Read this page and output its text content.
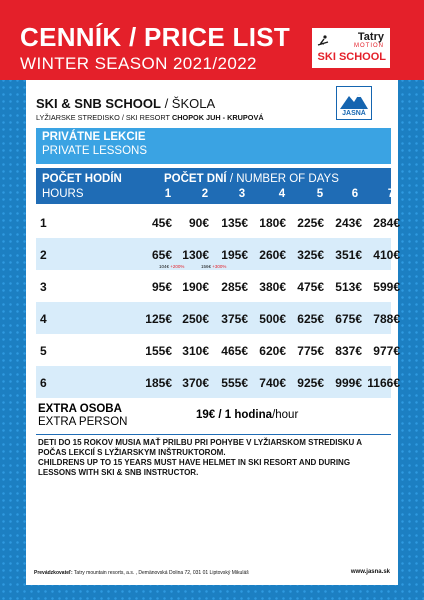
CENNÍK / PRICE LIST
WINTER SEASON 2021/2022
Tatry
MOTION
SKI SCHOOL
JASNÁ
SKI & SNB SCHOOL / ŠKOLA
LYŽIARSKE STREDISKO / SKI RESORT CHOPOK JUH - KRUPOVÁ
PRIVÁTNE LEKCIE
PRIVATE LESSONS
POČET HODÍN
HOURS
POČET DNÍ / NUMBER OF DAYS
1	2	3	4	5	6	7
1	45€	90€	135€ 180€ 225€ 243€ 284€
2	65€ 130€	195€ 260€ 325€ 351€ 410€
104€ +200%	156€ +300%
3	95€ 190€	285€ 380€ 475€ 513€ 599€
4	125€ 250€	375€ 500€ 625€ 675€ 788€
5	155€ 310€	465€ 620€ 775€ 837€ 977€
6	185€ 370€	555€ 740€ 925€ 999€ 1166€
EXTRA OSOBA
EXTRA PERSON
19€ / 1 hodina/hour

DETI DO 15 ROKOV MUSIA MAŤ PRILBU PRI POHYBE V LYŽIARSKOM STREDISKU A POČAS LEKCIÍ S LYŽIARSKYM INŠTRUKTOROM.

CHILDRENS UP TO 15 YEARS MUST HAVE HELMET IN SKI RESORT AND DURING LESSONS WITH SKI & SNB INSTRUCTOR.

Prevádzkovateľ: Tatry mountain resorts, a.s. , Demänovská Dolina 72, 031 01 Liptovský Mikuláš	www.jasna.sk
